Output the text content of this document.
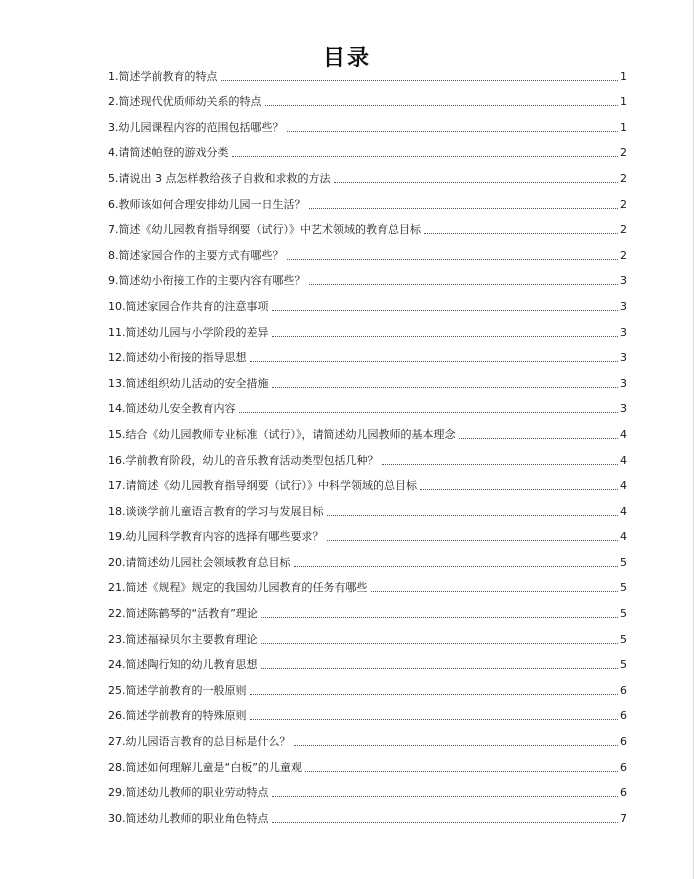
目录
1.简述学前教育的特点	1
2.简述现代优质师幼关系的特点	1
3.幼儿园课程内容的范围包括哪些？	1
4.请简述帕登的游戏分类	2
5.请说出 3 点怎样教给孩子自救和求救的方法	2
6.教师该如何合理安排幼儿园一日生活？	2
7.简述《幼儿园教育指导纲要（试行）》中艺术领域的教育总目标	2
8.简述家园合作的主要方式有哪些？	2
9.简述幼小衔接工作的主要内容有哪些？	3
10.简述家园合作共育的注意事项	3
11.简述幼儿园与小学阶段的差异	3
12.简述幼小衔接的指导思想	3
13.简述组织幼儿活动的安全措施	3
14.简述幼儿安全教育内容	3
15.结合《幼儿园教师专业标准（试行）》，请简述幼儿园教师的基本理念	4
16.学前教育阶段，幼儿的音乐教育活动类型包括几种？	4
17.请简述《幼儿园教育指导纲要（试行）》中科学领域的总目标	4
18.谈谈学前儿童语言教育的学习与发展目标	4
19.幼儿园科学教育内容的选择有哪些要求？	4
20.请简述幼儿园社会领域教育总目标	5
21.简述《规程》规定的我国幼儿园教育的任务有哪些	5
22.简述陈鹤琴的“活教育”理论	5
23.简述福禄贝尔主要教育理论	5
24.简述陶行知的幼儿教育思想	5
25.简述学前教育的一般原则	6
26.简述学前教育的特殊原则	6
27.幼儿园语言教育的总目标是什么？	6
28.简述如何理解儿童是“白板”的儿童观	6
29.简述幼儿教师的职业劳动特点	6
30.简述幼儿教师的职业角色特点	7
